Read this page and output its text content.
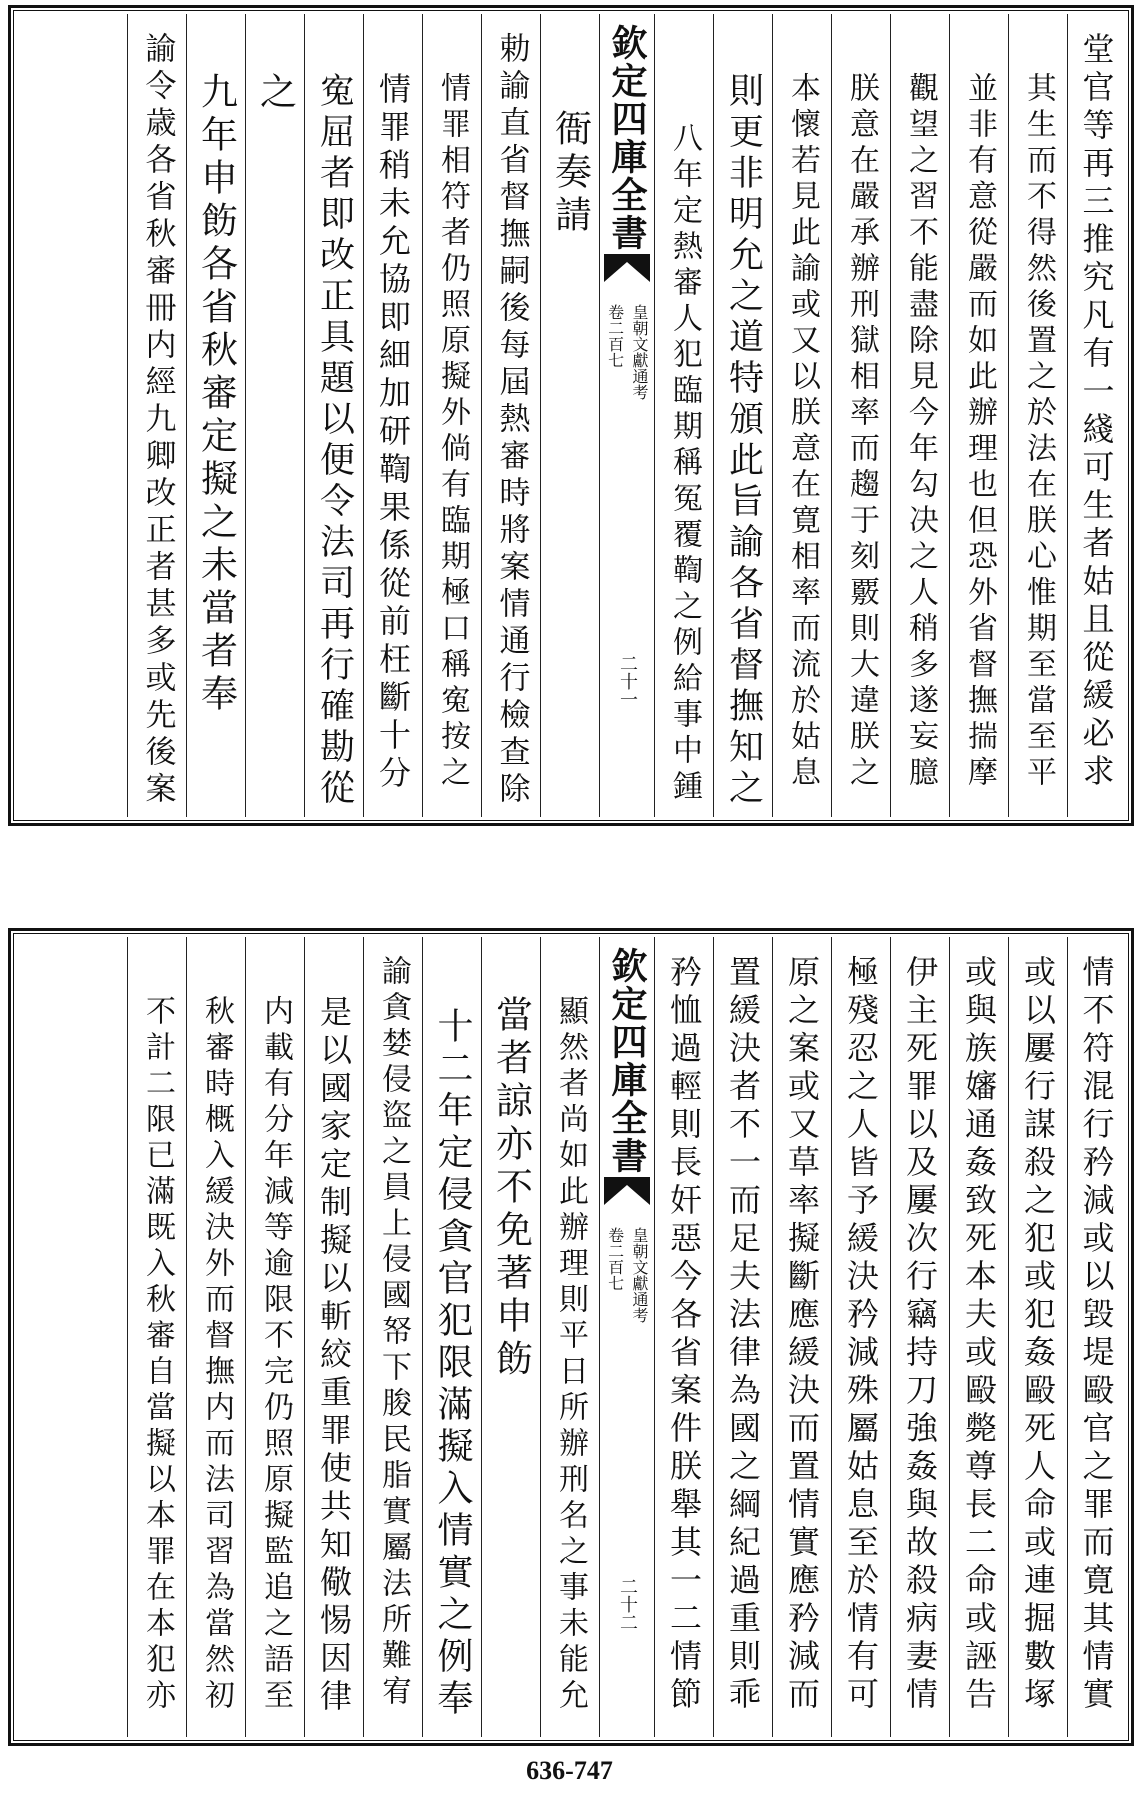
堂官等再三推究凡有一綫可生者姑且從緩必求
其生而不得然後置之於法在朕心惟期至當至平
並非有意從嚴而如此辦理也但恐外省督撫揣摩
觀望之習不能盡除見今年勾决之人稍多遂妄臆
朕意在嚴承辦刑獄相率而趨于刻覈則大違朕之
本懷若見此諭或又以朕意在寛相率而流於姑息
則更非明允之道特頒此旨諭各省督撫知之
八年定熱審人犯臨期稱冤覆鞫之例給事中鍾
欽定四庫全書
皇朝文獻通考
卷二百七
二十一
衙奏請
勅諭直省督撫嗣後每屆熱審時將案情通行檢查除
情罪相符者仍照原擬外倘有臨期極口稱寃按之
情罪稍未允協即細加研鞫果係從前枉斷十分
寃屈者即改正具題以便令法司再行確勘從
之
九年申飭各省秋審定擬之未當者奉
諭令歳各省秋審冊内經九卿改正者甚多或先後案
情不符混行矜減或以毀堤毆官之罪而寛其情實
或以屢行謀殺之犯或犯姦毆死人命或連掘數塚
或與族嬸通姦致死本夫或毆斃尊長二命或誣告
伊主死罪以及屢次行竊持刀強姦與故殺病妻情
極殘忍之人皆予緩決矜減殊屬姑息至於情有可
原之案或又草率擬斷應緩決而置情實應矜減而
置緩決者不一而足夫法律為國之綱紀過重則乖
矜恤過輕則長奸惡今各省案件朕舉其一二情節
欽定四庫全書
皇朝文獻通考
卷二百七
二十二
顯然者尚如此辦理則平日所辦刑名之事未能允
當者諒亦不免著申飭
十二年定侵貪官犯限滿擬入情實之例奉
諭貪婪侵盜之員上侵國帑下朘民脂實屬法所難宥
是以國家定制擬以斬絞重罪使共知儆惕因律
内載有分年減等逾限不完仍照原擬監追之語至
秋審時概入緩決外而督撫内而法司習為當然初
不計二限已滿既入秋審自當擬以本罪在本犯亦
636-747
